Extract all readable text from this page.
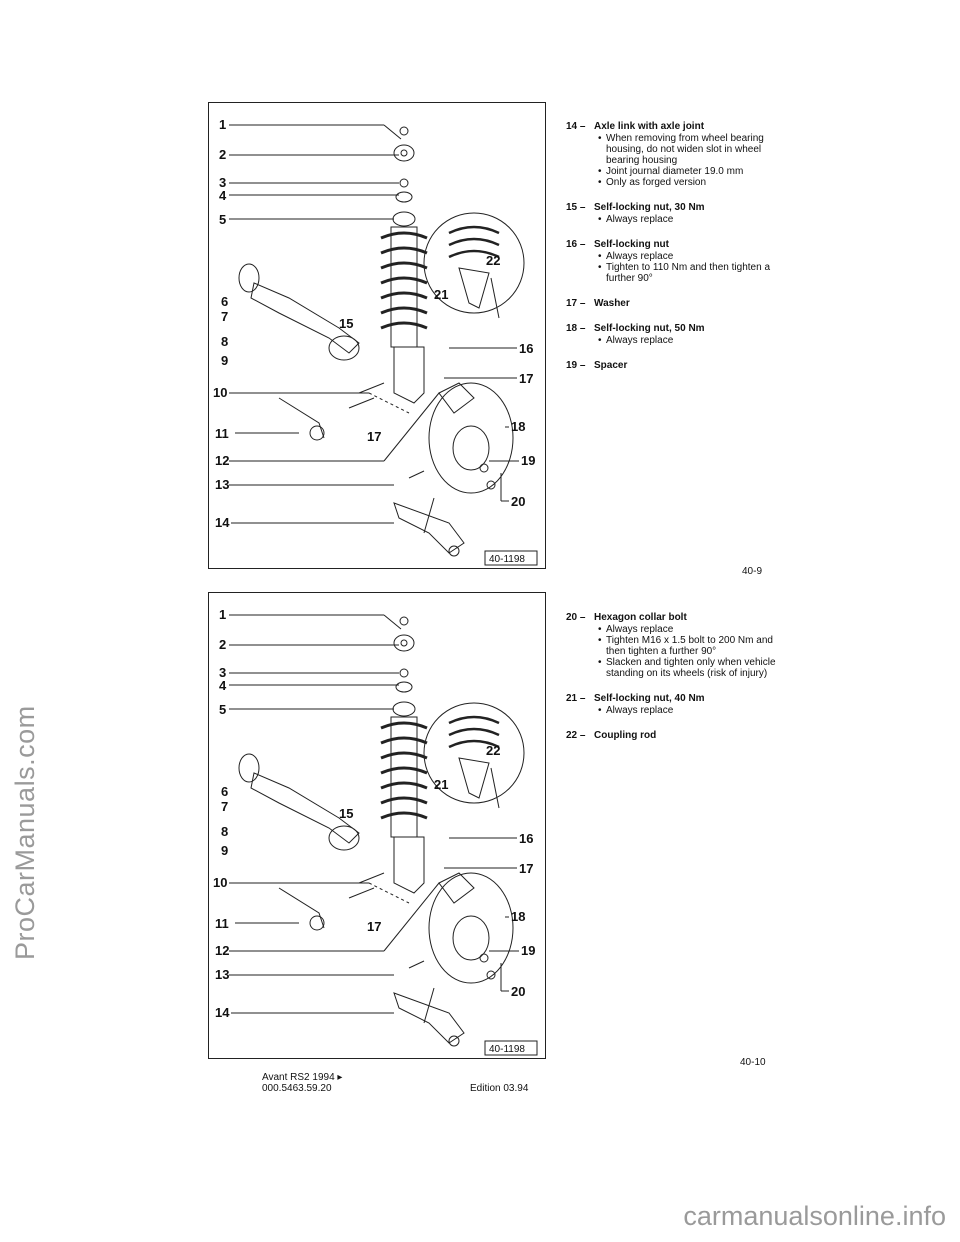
ProCarManuals.com
carmanualsonline.info
1
2
3
4
5
6
7
8
9
10
11
12
13
14
15
16
17
17
18
19
20
21
22
40-1198
1
2
3
4
5
6
7
8
9
10
11
12
13
14
15
16
17
17
18
19
20
21
22
40-1198
14 – Axle link with axle joint
• When removing from wheel bearing housing, do not widen slot in wheel bearing housing
• Joint journal diameter 19.0 mm
• Only as forged version
15 – Self-locking nut, 30 Nm
• Always replace
16 – Self-locking nut
• Always replace
• Tighten to 110 Nm and then tighten a further 90°
17 – Washer
18 – Self-locking nut, 50 Nm
• Always replace
19 – Spacer
20 – Hexagon collar bolt
• Always replace
• Tighten M16 x 1.5 bolt to 200 Nm and then tighten a further 90°
• Slacken and tighten only when vehicle standing on its wheels (risk of injury)
21 – Self-locking nut, 40 Nm
• Always replace
22 – Coupling rod
40-9
40-10
Avant RS2 1994 ▸
000.5463.59.20	Edition 03.94
